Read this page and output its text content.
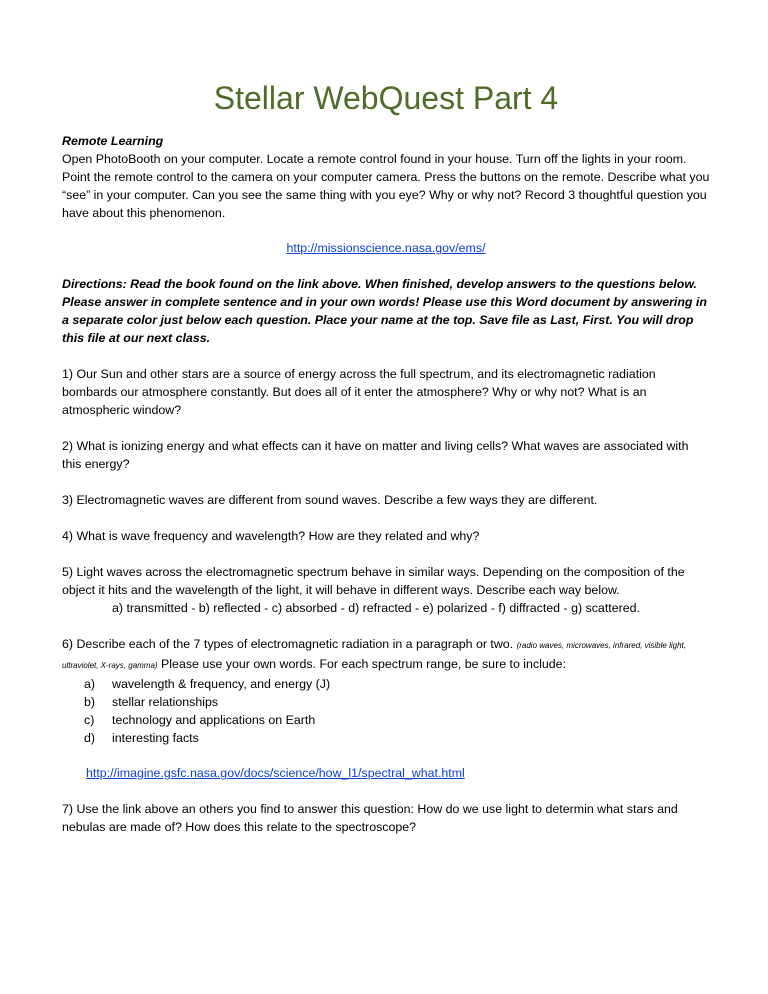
Stellar WebQuest Part 4

Remote Learning

Open PhotoBooth on your computer. Locate a remote control found in your house. Turn off the lights in your room. Point the remote control to the camera on your computer camera. Press the buttons on the remote. Describe what you “see” in your computer. Can you see the same thing with you eye? Why or why not? Record 3 thoughtful question you have about this phenomenon.

http://missionscience.nasa.gov/ems/

Directions: Read the book found on the link above. When finished, develop answers to the questions below. Please answer in complete sentence and in your own words! Please use this Word document by answering in a separate color just below each question. Place your name at the top. Save file as Last, First. You will drop this file at our next class.

1) Our Sun and other stars are a source of energy across the full spectrum, and its electromagnetic radiation bombards our atmosphere constantly. But does all of it enter the atmosphere? Why or why not? What is an atmospheric window?

2) What is ionizing energy and what effects can it have on matter and living cells? What waves are associated with this energy?

3) Electromagnetic waves are different from sound waves. Describe a few ways they are different.

4) What is wave frequency and wavelength? How are they related and why?

5) Light waves across the electromagnetic spectrum behave in similar ways. Depending on the composition of the object it hits and the wavelength of the light, it will behave in different ways. Describe each way below.

a) transmitted - b) reflected - c) absorbed - d) refracted - e) polarized - f) diffracted - g) scattered.

6) Describe each of the 7 types of electromagnetic radiation in a paragraph or two. (radio waves, microwaves, infrared, visible light, ultraviolet, X-rays, gamma) Please use your own words. For each spectrum range, be sure to include:

a) wavelength & frequency, and energy (J)
b) stellar relationships
c) technology and applications on Earth
d) interesting facts

http://imagine.gsfc.nasa.gov/docs/science/how_l1/spectral_what.html

7) Use the link above an others you find to answer this question: How do we use light to determin what stars and nebulas are made of? How does this relate to the spectroscope?
